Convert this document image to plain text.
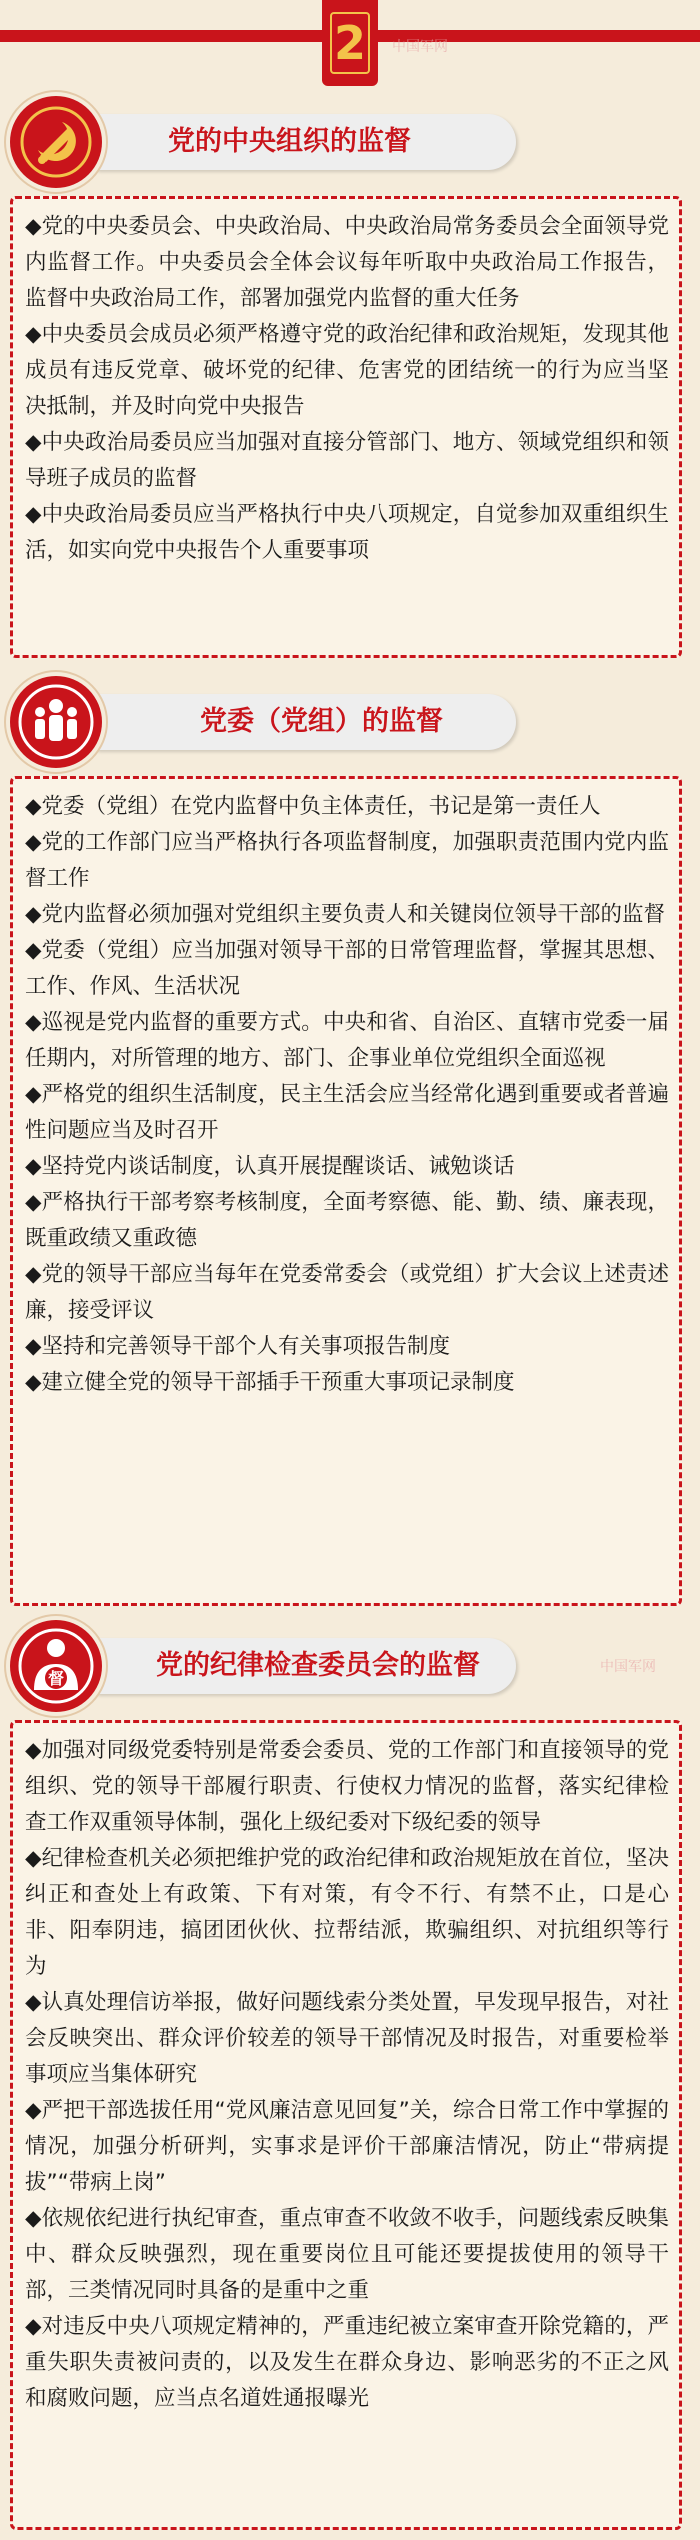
2 中国军网
党的中央组织的监督

◆ 党的中央委员会、中央政治局、中央政治局常务委员会全面领导党内监督工作。中央委员会全体会议每年听取中央政治局工作报告，监督中央政治局工作，部署加强党内监督的重大任务

◆ 中央委员会成员必须严格遵守党的政治纪律和政治规矩，发现其他成员有违反党章、破坏党的纪律、危害党的团结统一的行为应当坚决抵制，并及时向党中央报告

◆ 中央政治局委员应当加强对直接分管部门、地方、领域党组织和领导班子成员的监督

◆ 中央政治局委员应当严格执行中央八项规定，自觉参加双重组织生活，如实向党中央报告个人重要事项

党委（党组）的监督

◆ 党委（党组）在党内监督中负主体责任，书记是第一责任人

◆ 党的工作部门应当严格执行各项监督制度，加强职责范围内党内监督工作

◆ 党内监督必须加强对党组织主要负责人和关键岗位领导干部的监督

◆ 党委（党组）应当加强对领导干部的日常管理监督，掌握其思想、工作、作风、生活状况

◆ 巡视是党内监督的重要方式。中央和省、自治区、直辖市党委一届任期内，对所管理的地方、部门、企事业单位党组织全面巡视

◆ 严格党的组织生活制度，民主生活会应当经常化遇到重要或者普遍性问题应当及时召开

◆ 坚持党内谈话制度，认真开展提醒谈话、诫勉谈话

◆ 严格执行干部考察考核制度，全面考察德、能、勤、绩、廉表现，既重政绩又重政德

◆ 党的领导干部应当每年在党委常委会（或党组）扩大会议上述责述廉，接受评议

◆ 坚持和完善领导干部个人有关事项报告制度

◆ 建立健全党的领导干部插手干预重大事项记录制度

党的纪律检查委员会的监督
督
中国军网

◆ 加强对同级党委特别是常委会委员、党的工作部门和直接领导的党组织、党的领导干部履行职责、行使权力情况的监督，落实纪律检查工作双重领导体制，强化上级纪委对下级纪委的领导

◆ 纪律检查机关必须把维护党的政治纪律和政治规矩放在首位，坚决纠正和查处上有政策、下有对策，有令不行、有禁不止，口是心非、阳奉阴违，搞团团伙伙、拉帮结派，欺骗组织、对抗组织等行为

◆ 认真处理信访举报，做好问题线索分类处置，早发现早报告，对社会反映突出、群众评价较差的领导干部情况及时报告，对重要检举事项应当集体研究

◆ 严把干部选拔任用“党风廉洁意见回复”关，综合日常工作中掌握的情况，加强分析研判，实事求是评价干部廉洁情况，防止“带病提拔”“带病上岗”

◆ 依规依纪进行执纪审查，重点审查不收敛不收手，问题线索反映集中、群众反映强烈，现在重要岗位且可能还要提拔使用的领导干部，三类情况同时具备的是重中之重

◆ 对违反中央八项规定精神的，严重违纪被立案审查开除党籍的，严重失职失责被问责的，以及发生在群众身边、影响恶劣的不正之风和腐败问题，应当点名道姓通报曝光
